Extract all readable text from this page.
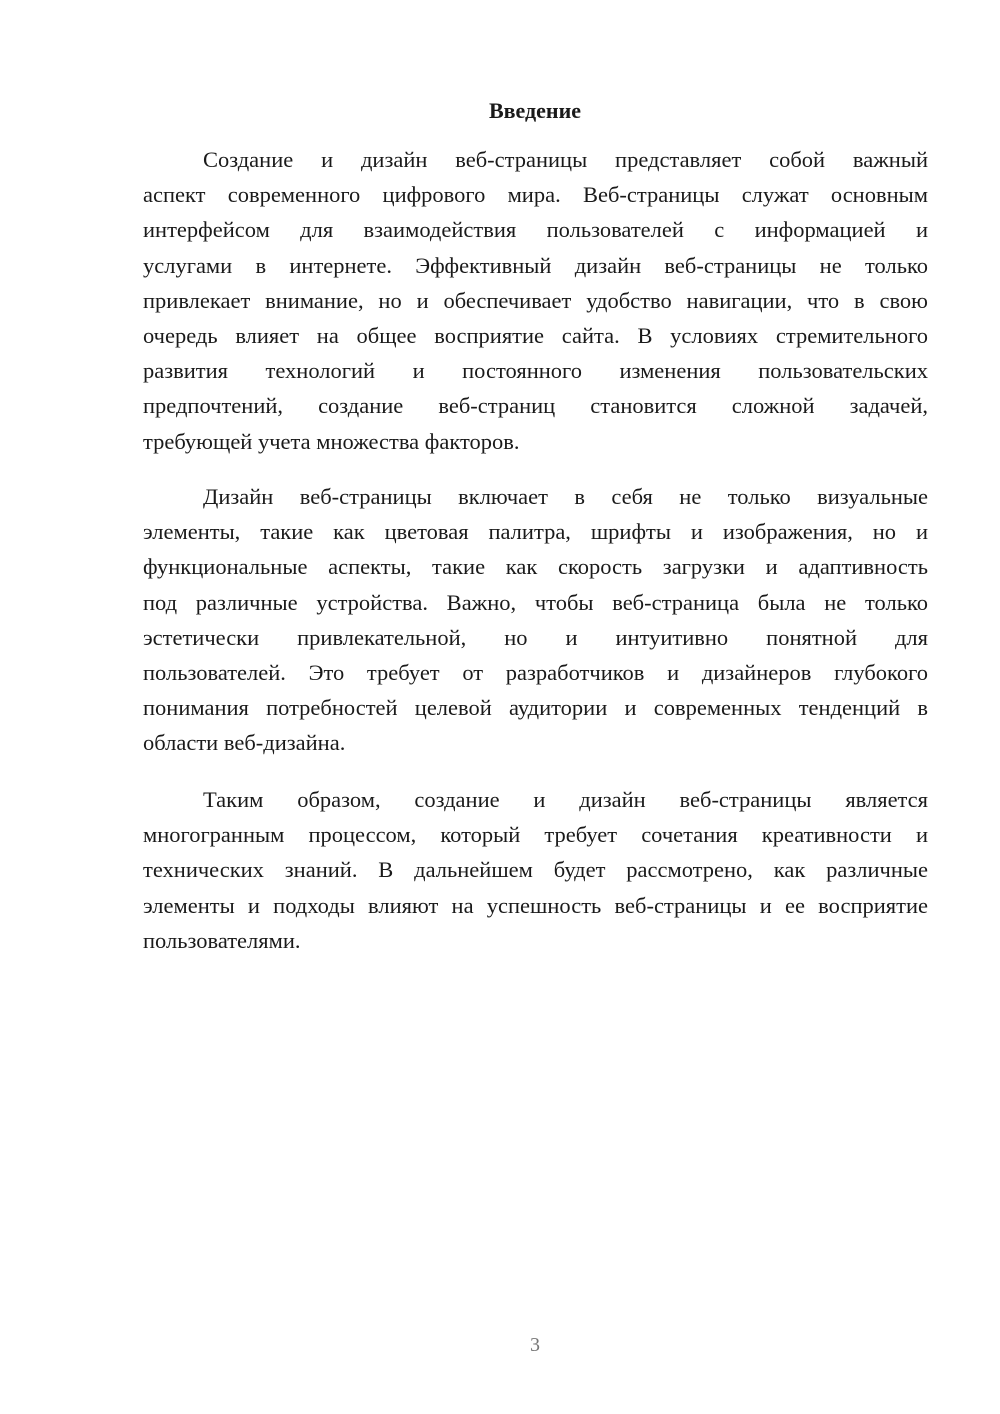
Введение
Создание и дизайн веб-страницы представляет собой важный
аспект современного цифрового мира. Веб-страницы служат основным
интерфейсом для взаимодействия пользователей с информацией и
услугами в интернете. Эффективный дизайн веб-страницы не только
привлекает внимание, но и обеспечивает удобство навигации, что в свою
очередь влияет на общее восприятие сайта. В условиях стремительного
развития технологий и постоянного изменения пользовательских
предпочтений, создание веб-страниц становится сложной задачей,
требующей учета множества факторов.
Дизайн веб-страницы включает в себя не только визуальные
элементы, такие как цветовая палитра, шрифты и изображения, но и
функциональные аспекты, такие как скорость загрузки и адаптивность
под различные устройства. Важно, чтобы веб-страница была не только
эстетически привлекательной, но и интуитивно понятной для
пользователей. Это требует от разработчиков и дизайнеров глубокого
понимания потребностей целевой аудитории и современных тенденций в
области веб-дизайна.
Таким образом, создание и дизайн веб-страницы является
многогранным процессом, который требует сочетания креативности и
технических знаний. В дальнейшем будет рассмотрено, как различные
элементы и подходы влияют на успешность веб-страницы и ее восприятие
пользователями.
3
